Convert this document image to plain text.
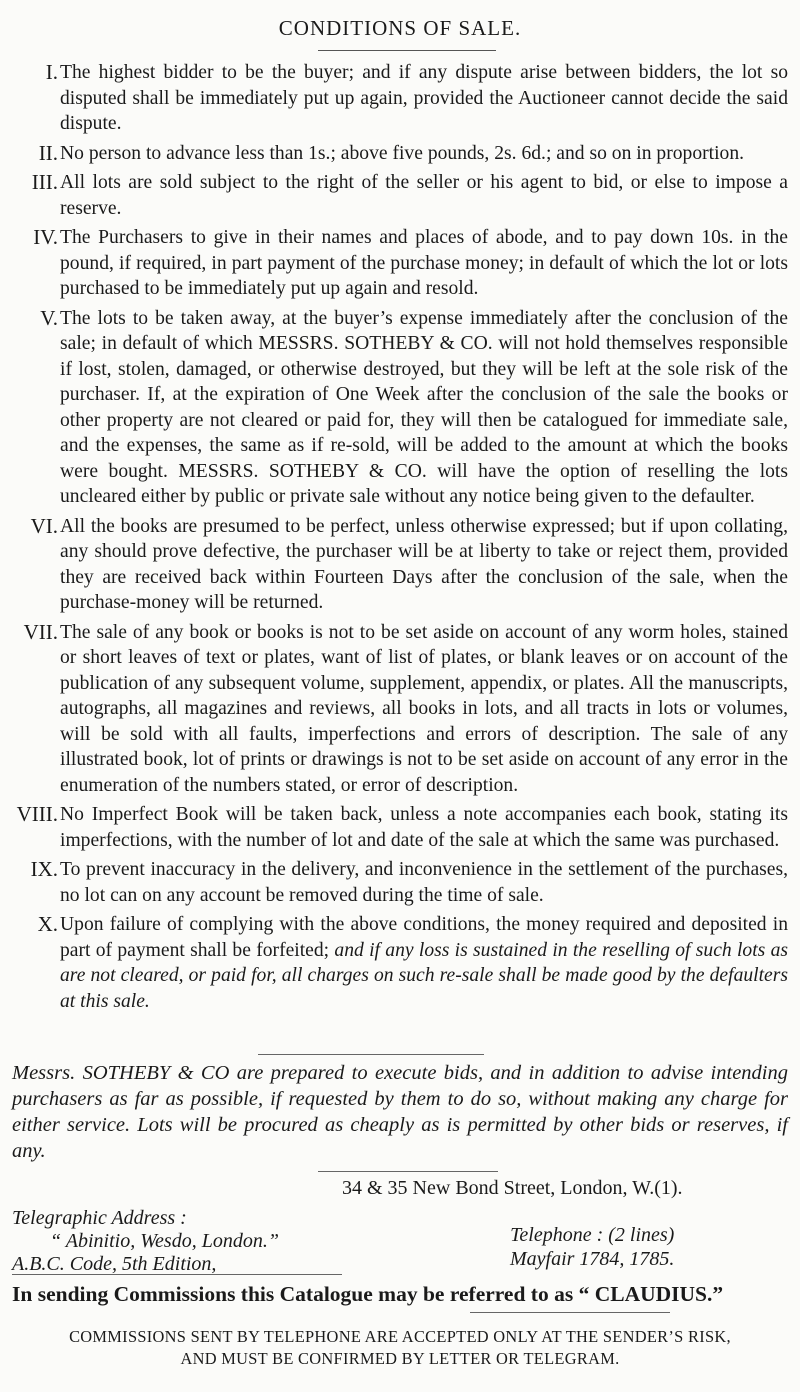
CONDITIONS OF SALE.
I. The highest bidder to be the buyer; and if any dispute arise between bidders, the lot so disputed shall be immediately put up again, provided the Auctioneer cannot decide the said dispute.
II. No person to advance less than 1s.; above five pounds, 2s. 6d.; and so on in proportion.
III. All lots are sold subject to the right of the seller or his agent to bid, or else to impose a reserve.
IV. The Purchasers to give in their names and places of abode, and to pay down 10s. in the pound, if required, in part payment of the purchase money; in default of which the lot or lots purchased to be immediately put up again and resold.
V. The lots to be taken away, at the buyer’s expense immediately after the conclusion of the sale; in default of which MESSRS. SOTHEBY & CO. will not hold themselves responsible if lost, stolen, damaged, or otherwise destroyed, but they will be left at the sole risk of the purchaser. If, at the expiration of One Week after the conclusion of the sale the books or other property are not cleared or paid for, they will then be catalogued for immediate sale, and the expenses, the same as if re-sold, will be added to the amount at which the books were bought. MESSRS. SOTHEBY & CO. will have the option of reselling the lots uncleared either by public or private sale without any notice being given to the defaulter.
VI. All the books are presumed to be perfect, unless otherwise expressed; but if upon collating, any should prove defective, the purchaser will be at liberty to take or reject them, provided they are received back within Fourteen Days after the conclusion of the sale, when the purchase-money will be returned.
VII. The sale of any book or books is not to be set aside on account of any worm holes, stained or short leaves of text or plates, want of list of plates, or blank leaves or on account of the publication of any subsequent volume, supplement, appendix, or plates. All the manuscripts, autographs, all magazines and reviews, all books in lots, and all tracts in lots or volumes, will be sold with all faults, imperfections and errors of description. The sale of any illustrated book, lot of prints or drawings is not to be set aside on account of any error in the enumeration of the numbers stated, or error of description.
VIII. No Imperfect Book will be taken back, unless a note accompanies each book, stating its imperfections, with the number of lot and date of the sale at which the same was purchased.
IX. To prevent inaccuracy in the delivery, and inconvenience in the settlement of the purchases, no lot can on any account be removed during the time of sale.
X. Upon failure of complying with the above conditions, the money required and deposited in part of payment shall be forfeited; and if any loss is sustained in the reselling of such lots as are not cleared, or paid for, all charges on such re-sale shall be made good by the defaulters at this sale.
Messrs. SOTHEBY & CO are prepared to execute bids, and in addition to advise intending purchasers as far as possible, if requested by them to do so, without making any charge for either service. Lots will be procured as cheaply as is permitted by other bids or reserves, if any.
34 & 35 New Bond Street, London, W.(1).
Telegraphic Address :
“ Abinitio, Wesdo, London.”
A.B.C. Code, 5th Edition,
Telephone : (2 lines)
Mayfair 1784, 1785.
In sending Commissions this Catalogue may be referred to as “ CLAUDIUS.”
COMMISSIONS SENT BY TELEPHONE ARE ACCEPTED ONLY AT THE SENDER’S RISK,
AND MUST BE CONFIRMED BY LETTER OR TELEGRAM.
